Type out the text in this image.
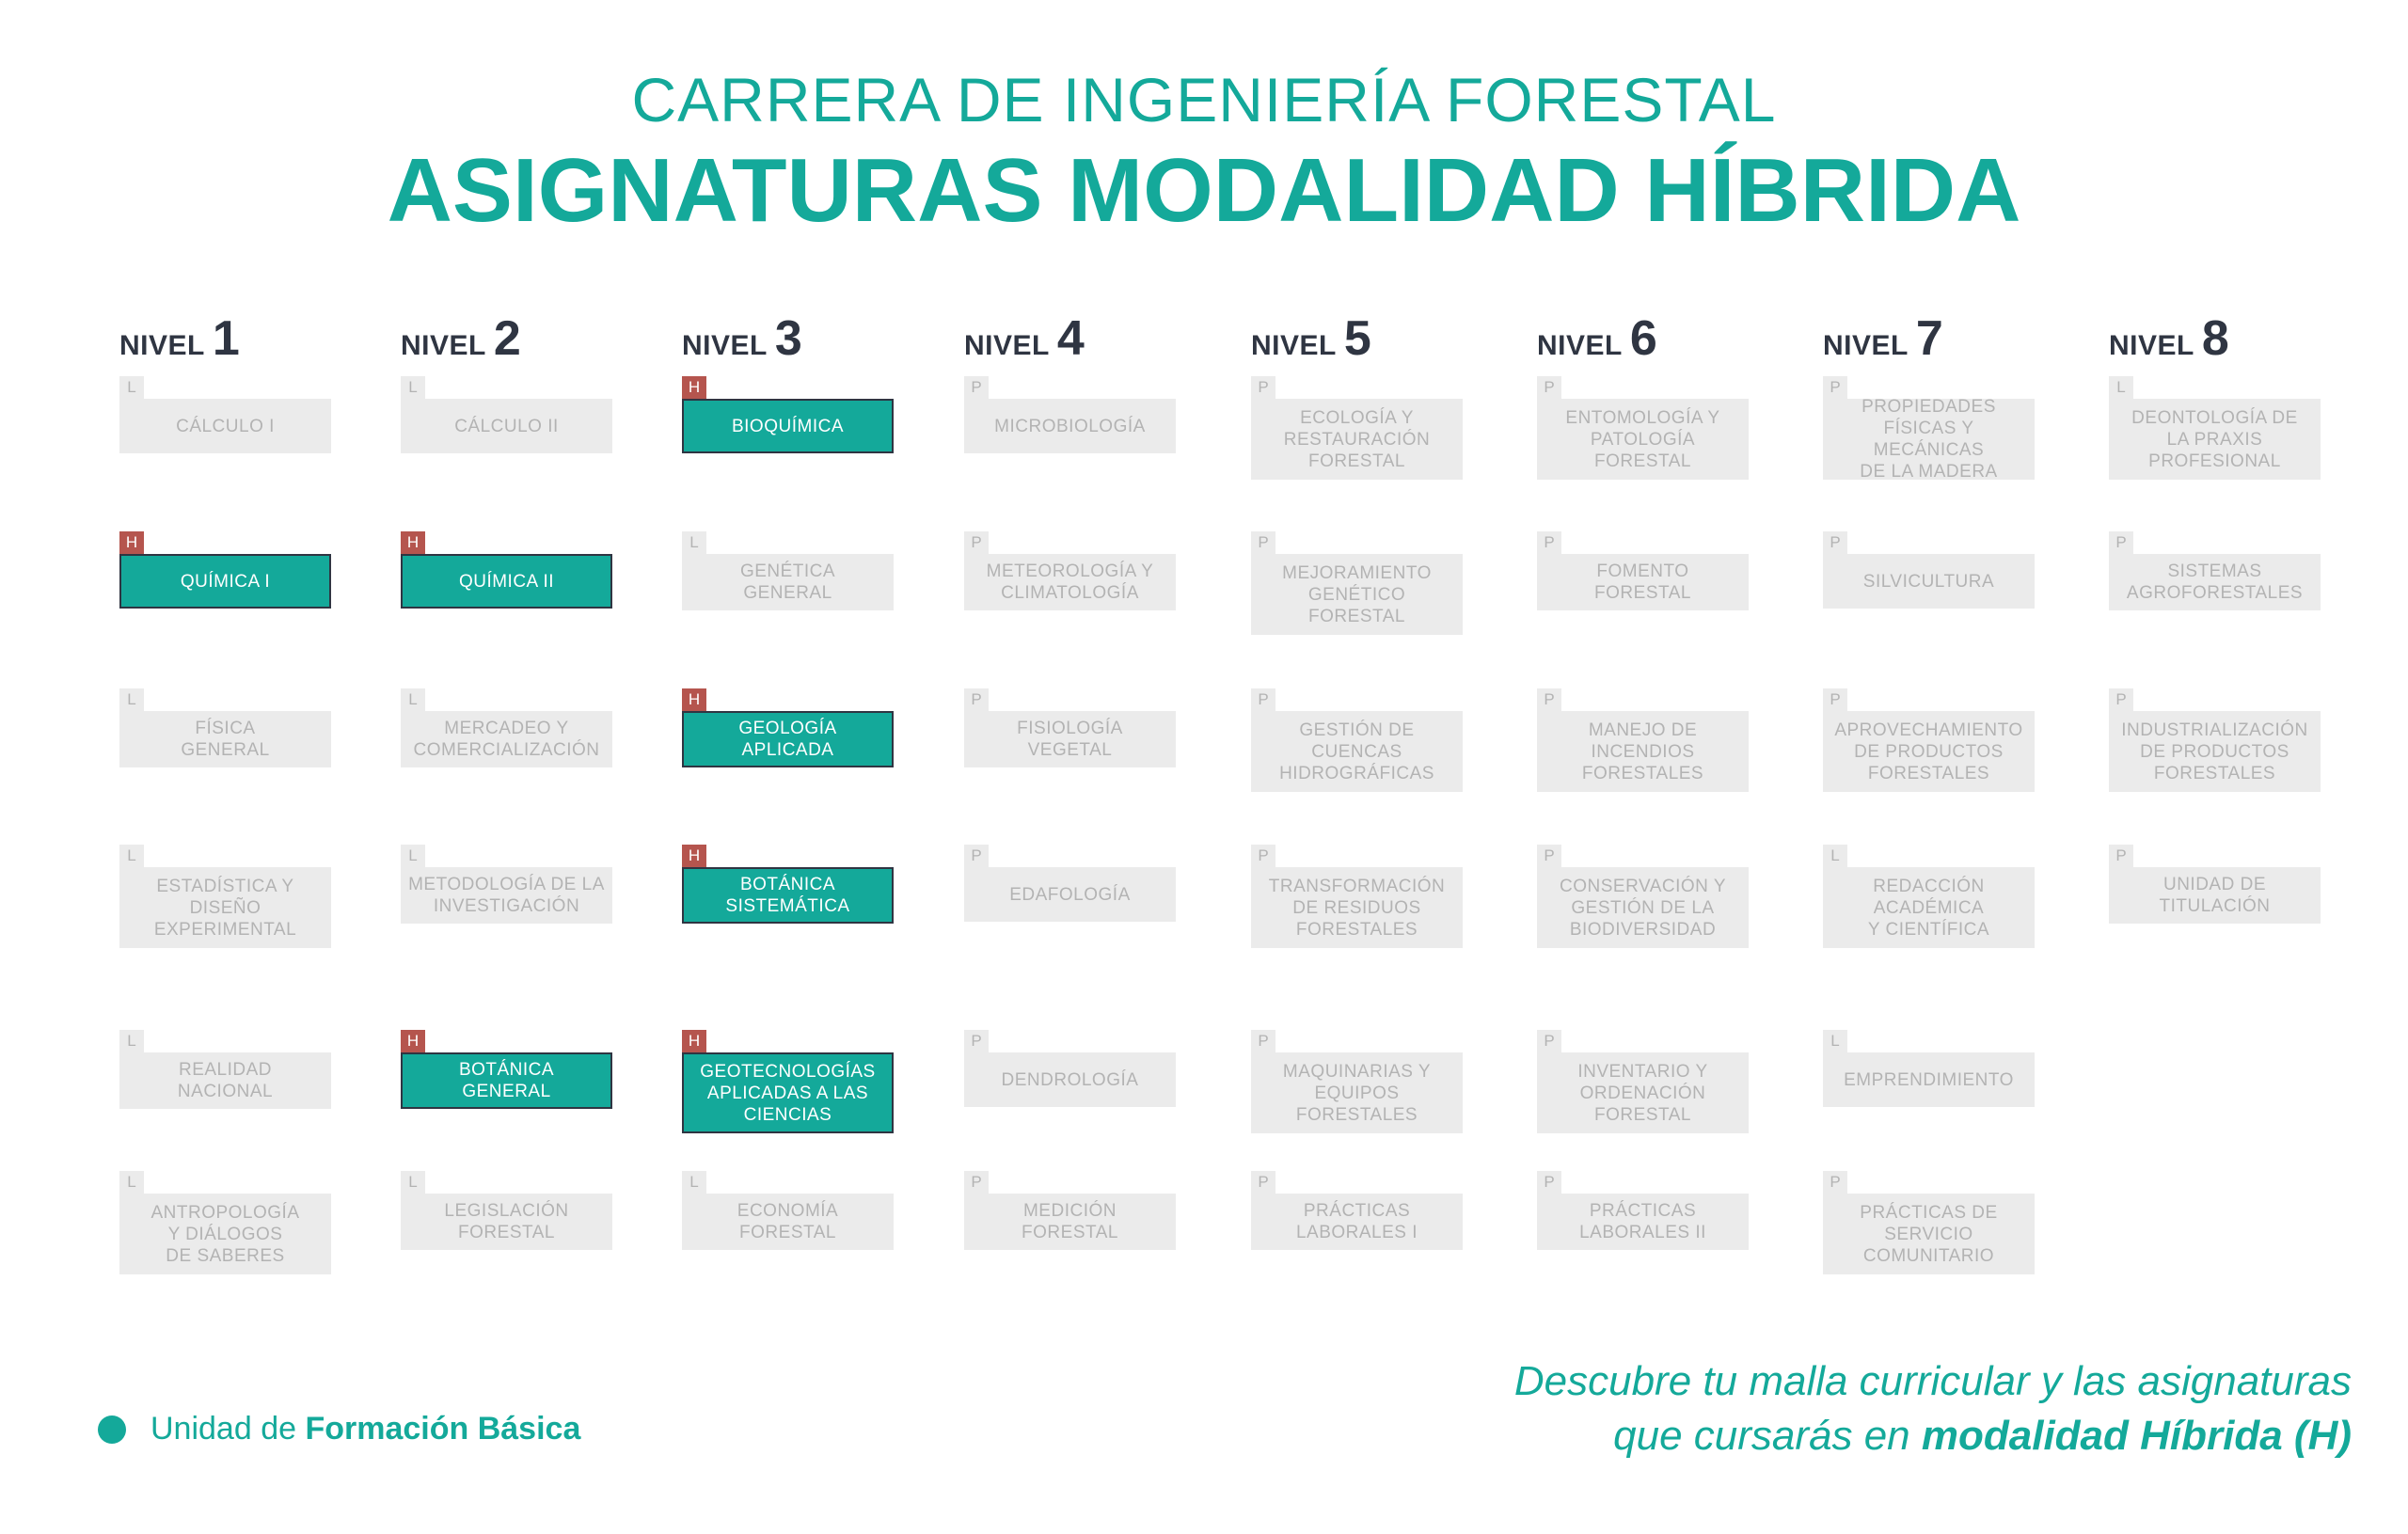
CARRERA DE INGENIERÍA FORESTAL
ASIGNATURAS MODALIDAD HÍBRIDA
NIVEL 1
L
CÁLCULO I
H
QUÍMICA I
L
FÍSICA
GENERAL
L
ESTADÍSTICA Y
DISEÑO
EXPERIMENTAL
L
REALIDAD
NACIONAL
L
ANTROPOLOGÍA
Y DIÁLOGOS
DE SABERES
NIVEL 2
L
CÁLCULO II
H
QUÍMICA II
L
MERCADEO Y
COMERCIALIZACIÓN
L
METODOLOGÍA DE LA
INVESTIGACIÓN
H
BOTÁNICA
GENERAL
L
LEGISLACIÓN
FORESTAL
NIVEL 3
H
BIOQUÍMICA
L
GENÉTICA
GENERAL
H
GEOLOGÍA
APLICADA
H
BOTÁNICA
SISTEMÁTICA
H
GEOTECNOLOGÍAS
APLICADAS A LAS
CIENCIAS
L
ECONOMÍA
FORESTAL
NIVEL 4
P
MICROBIOLOGÍA
P
METEOROLOGÍA Y
CLIMATOLOGÍA
P
FISIOLOGÍA
VEGETAL
P
EDAFOLOGÍA
P
DENDROLOGÍA
P
MEDICIÓN
FORESTAL
NIVEL 5
P
ECOLOGÍA Y
RESTAURACIÓN
FORESTAL
P
MEJORAMIENTO
GENÉTICO
FORESTAL
P
GESTIÓN DE
CUENCAS
HIDROGRÁFICAS
P
TRANSFORMACIÓN
DE RESIDUOS
FORESTALES
P
MAQUINARIAS Y
EQUIPOS
FORESTALES
P
PRÁCTICAS
LABORALES I
NIVEL 6
P
ENTOMOLOGÍA Y
PATOLOGÍA
FORESTAL
P
FOMENTO
FORESTAL
P
MANEJO DE
INCENDIOS
FORESTALES
P
CONSERVACIÓN Y
GESTIÓN DE LA
BIODIVERSIDAD
P
INVENTARIO Y
ORDENACIÓN
FORESTAL
P
PRÁCTICAS
LABORALES II
NIVEL 7
P
PROPIEDADES
FÍSICAS Y MECÁNICAS
DE LA MADERA
P
SILVICULTURA
P
APROVECHAMIENTO
DE PRODUCTOS
FORESTALES
L
REDACCIÓN
ACADÉMICA
Y CIENTÍFICA
L
EMPRENDIMIENTO
P
PRÁCTICAS DE
SERVICIO
COMUNITARIO
NIVEL 8
L
DEONTOLOGÍA DE
LA PRAXIS
PROFESIONAL
P
SISTEMAS
AGROFORESTALES
P
INDUSTRIALIZACIÓN
DE PRODUCTOS
FORESTALES
P
UNIDAD DE
TITULACIÓN
Unidad de Formación Básica
Descubre tu malla curricular y las asignaturas
que cursarás en modalidad Híbrida (H)
